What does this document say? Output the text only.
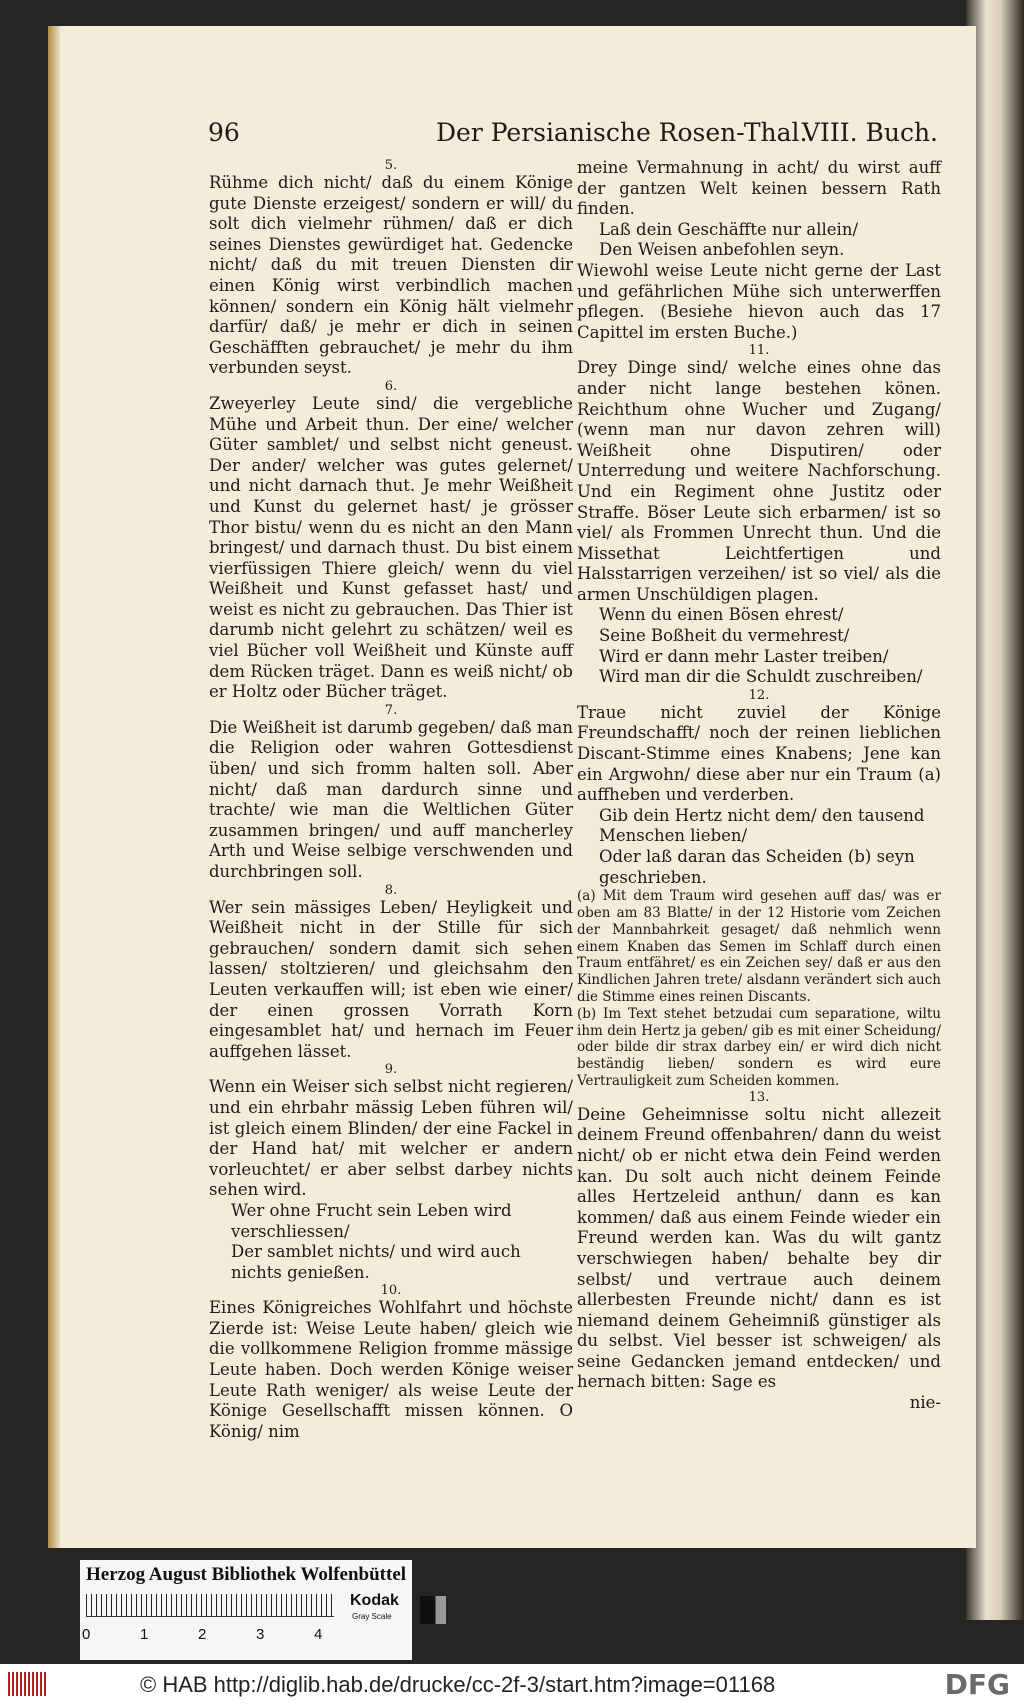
96	Der Persianische Rosen-Thal.
VIII. Buch.

5.

Rühme dich nicht/ daß du einem Könige gute Dienste erzeigest/ sondern er will/ du solt dich vielmehr rühmen/ daß er dich seines Dienstes gewürdiget hat. Gedencke nicht/ daß du mit treuen Diensten dir einen König wirst verbindlich machen können/ sondern ein König hält vielmehr darfür/ daß/ je mehr er dich in seinen Geschäfften gebrauchet/ je mehr du ihm verbunden seyst.

6.

Zweyerley Leute sind/ die vergebliche Mühe und Arbeit thun. Der eine/ welcher Güter samblet/ und selbst nicht geneust. Der ander/ welcher was gutes gelernet/ und nicht darnach thut. Je mehr Weißheit und Kunst du gelernet hast/ je grösser Thor bistu/ wenn du es nicht an den Mann bringest/ und darnach thust. Du bist einem vierfüssigen Thiere gleich/ wenn du viel Weißheit und Kunst gefasset hast/ und weist es nicht zu gebrauchen. Das Thier ist darumb nicht gelehrt zu schätzen/ weil es viel Bücher voll Weißheit und Künste auff dem Rücken träget. Dann es weiß nicht/ ob er Holtz oder Bücher träget.

7.

Die Weißheit ist darumb gegeben/ daß man die Religion oder wahren Gottesdienst üben/ und sich fromm halten soll. Aber nicht/ daß man dardurch sinne und trachte/ wie man die Weltlichen Güter zusammen bringen/ und auff mancherley Arth und Weise selbige verschwenden und durchbringen soll.

8.

Wer sein mässiges Leben/ Heyligkeit und Weißheit nicht in der Stille für sich gebrauchen/ sondern damit sich sehen lassen/ stoltzieren/ und gleichsahm den Leuten verkauffen will; ist eben wie einer/ der einen grossen Vorrath Korn eingesamblet hat/ und hernach im Feuer auffgehen lässet.

9.

Wenn ein Weiser sich selbst nicht regieren/ und ein ehrbahr mässig Leben führen wil/ ist gleich einem Blinden/ der eine Fackel in der Hand hat/ mit welcher er andern vorleuchtet/ er aber selbst darbey nichts sehen wird.

Wer ohne Frucht sein Leben wird verschliessen/

Der samblet nichts/ und wird auch nichts genießen.

10.

Eines Königreiches Wohlfahrt und höchste Zierde ist: Weise Leute haben/ gleich wie die vollkommene Religion fromme mässige Leute haben. Doch werden Könige weiser Leute Rath weniger/ als weise Leute der Könige Gesellschafft missen können. O König/ nim

meine Vermahnung in acht/ du wirst auff der gantzen Welt keinen bessern Rath finden.

Laß dein Geschäffte nur allein/

Den Weisen anbefohlen seyn.

Wiewohl weise Leute nicht gerne der Last und gefährlichen Mühe sich unterwerffen pflegen. (Besiehe hievon auch das 17 Capittel im ersten Buche.)

11.

Drey Dinge sind/ welche eines ohne das ander nicht lange bestehen könen. Reichthum ohne Wucher und Zugang/ (wenn man nur davon zehren will) Weißheit ohne Disputiren/ oder Unterredung und weitere Nachforschung. Und ein Regiment ohne Justitz oder Straffe. Böser Leute sich erbarmen/ ist so viel/ als Frommen Unrecht thun. Und die Missethat Leichtfertigen und Halsstarrigen verzeihen/ ist so viel/ als die armen Unschüldigen plagen.

Wenn du einen Bösen ehrest/

Seine Boßheit du vermehrest/

Wird er dann mehr Laster treiben/

Wird man dir die Schuldt zuschreiben/

12.

Traue nicht zuviel der Könige Freundschafft/ noch der reinen lieblichen Discant-Stimme eines Knabens; Jene kan ein Argwohn/ diese aber nur ein Traum (a) auffheben und verderben.

Gib dein Hertz nicht dem/ den tausend Menschen lieben/

Oder laß daran das Scheiden (b) seyn geschrieben.

(a) Mit dem Traum wird gesehen auff das/ was er oben am 83 Blatte/ in der 12 Historie vom Zeichen der Mannbahrkeit gesaget/ daß nehmlich wenn einem Knaben das Semen im Schlaff durch einen Traum entfähret/ es ein Zeichen sey/ daß er aus den Kindlichen Jahren trete/ alsdann verändert sich auch die Stimme eines reinen Discants.

(b) Im Text stehet betzudai cum separatione, wiltu ihm dein Hertz ja geben/ gib es mit einer Scheidung/ oder bilde dir strax darbey ein/ er wird dich nicht beständig lieben/ sondern es wird eure Vertrauligkeit zum Scheiden kommen.

13.

Deine Geheimnisse soltu nicht allezeit deinem Freund offenbahren/ dann du weist nicht/ ob er nicht etwa dein Feind werden kan. Du solt auch nicht deinem Feinde alles Hertzeleid anthun/ dann es kan kommen/ daß aus einem Feinde wieder ein Freund werden kan. Was du wilt gantz verschwiegen haben/ behalte bey dir selbst/ und vertraue auch deinem allerbesten Freunde nicht/ dann es ist niemand deinem Geheimniß günstiger als du selbst. Viel besser ist schweigen/ als seine Gedancken jemand entdecken/ und hernach bitten: Sage es

nie-

Herzog August Bibliothek Wolfenbüttel
0	1	2	3	4
Kodak
Gray Scale
© HAB http://diglib.hab.de/drucke/cc-2f-3/start.htm?image=01168	DFG
